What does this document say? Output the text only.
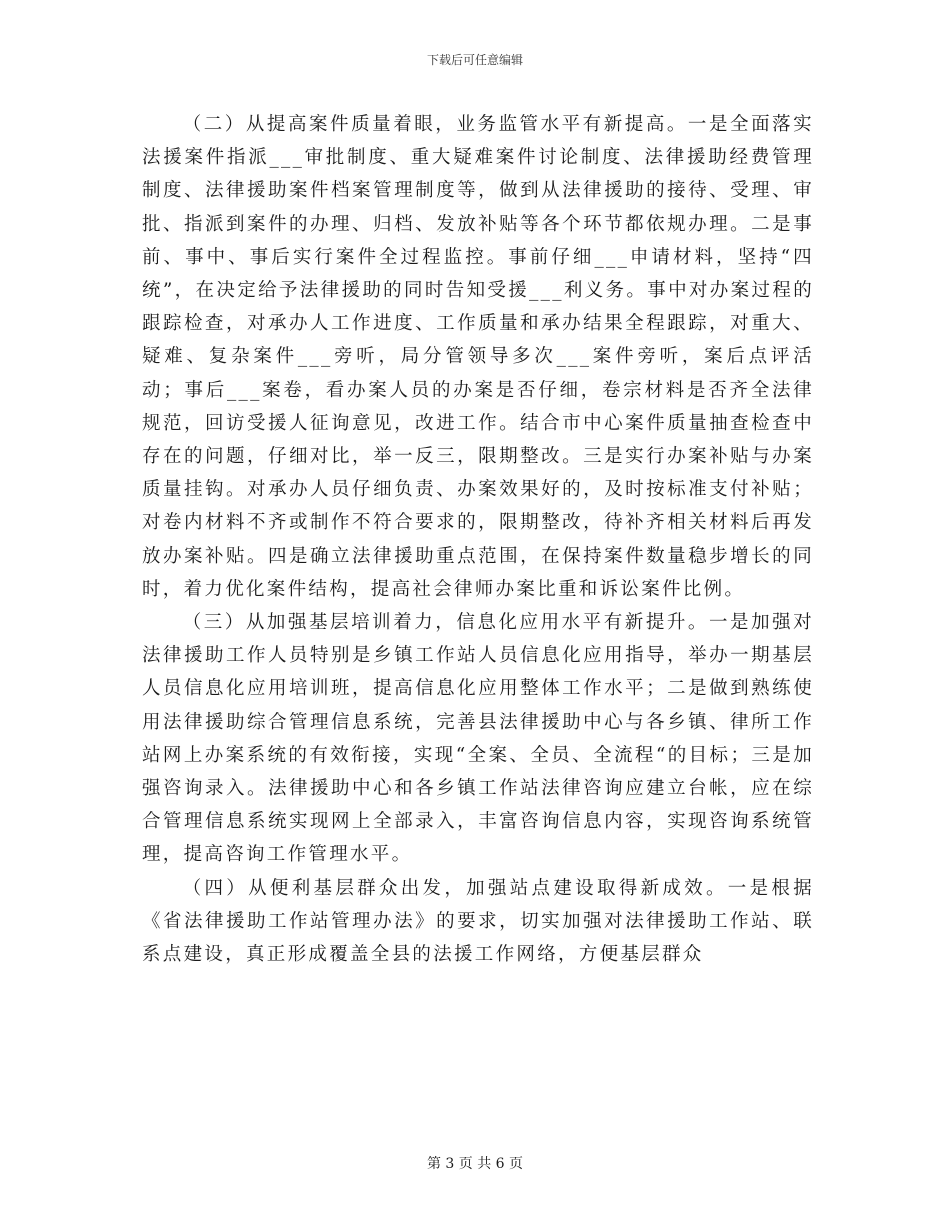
下载后可任意编辑

（二）从提高案件质量着眼，业务监管水平有新提高。一是全面落实法援案件指派___审批制度、重大疑难案件讨论制度、法律援助经费管理制度、法律援助案件档案管理制度等，做到从法律援助的接待、受理、审批、指派到案件的办理、归档、发放补贴等各个环节都依规办理。二是事前、事中、事后实行案件全过程监控。事前仔细___申请材料，坚持“四统”，在决定给予法律援助的同时告知受援___利义务。事中对办案过程的跟踪检查，对承办人工作进度、工作质量和承办结果全程跟踪，对重大、疑难、复杂案件___旁听，局分管领导多次___案件旁听，案后点评活动；事后___案卷，看办案人员的办案是否仔细，卷宗材料是否齐全法律规范，回访受援人征询意见，改进工作。结合市中心案件质量抽查检查中存在的问题，仔细对比，举一反三，限期整改。三是实行办案补贴与办案质量挂钩。对承办人员仔细负责、办案效果好的，及时按标准支付补贴；对卷内材料不齐或制作不符合要求的，限期整改，待补齐相关材料后再发放办案补贴。四是确立法律援助重点范围，在保持案件数量稳步增长的同时，着力优化案件结构，提高社会律师办案比重和诉讼案件比例。

（三）从加强基层培训着力，信息化应用水平有新提升。一是加强对法律援助工作人员特别是乡镇工作站人员信息化应用指导，举办一期基层人员信息化应用培训班，提高信息化应用整体工作水平；二是做到熟练使用法律援助综合管理信息系统，完善县法律援助中心与各乡镇、律所工作站网上办案系统的有效衔接，实现“全案、全员、全流程“的目标；三是加强咨询录入。法律援助中心和各乡镇工作站法律咨询应建立台帐，应在综合管理信息系统实现网上全部录入，丰富咨询信息内容，实现咨询系统管理，提高咨询工作管理水平。

（四）从便利基层群众出发，加强站点建设取得新成效。一是根据《省法律援助工作站管理办法》的要求，切实加强对法律援助工作站、联系点建设，真正形成覆盖全县的法援工作网络，方便基层群众

第 3 页 共 6 页
